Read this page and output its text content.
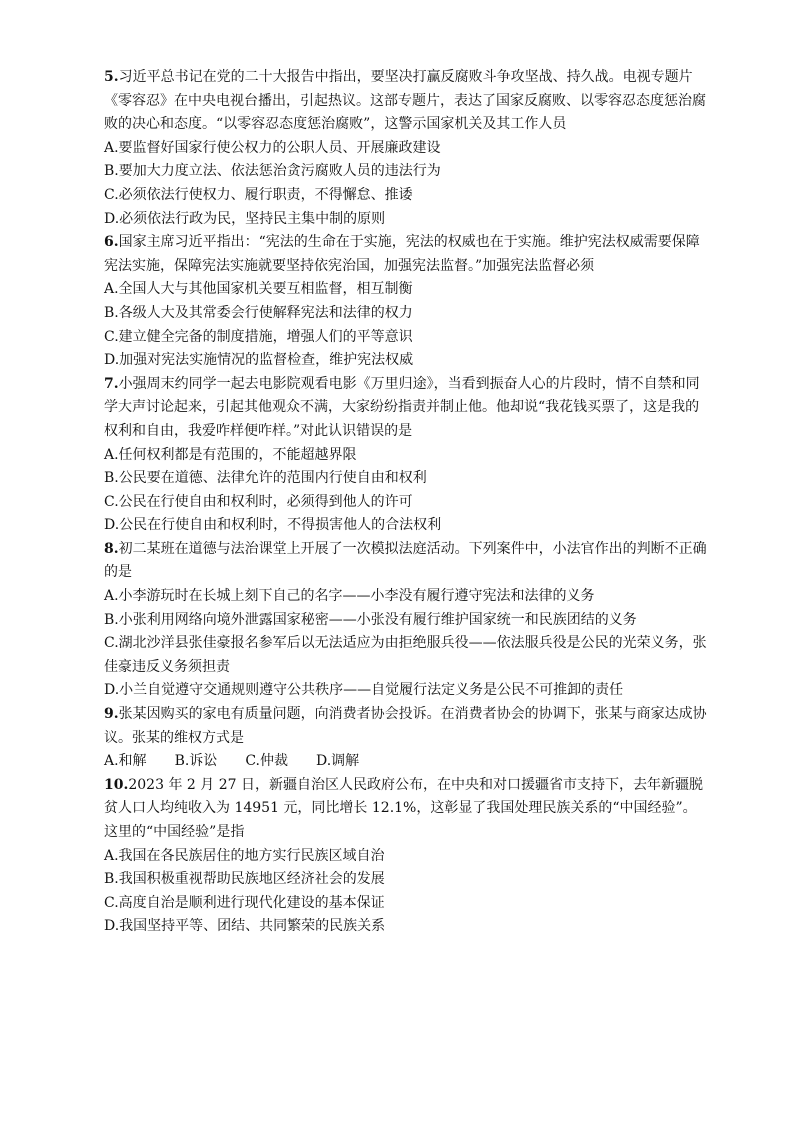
5.习近平总书记在党的二十大报告中指出，要坚决打赢反腐败斗争攻坚战、持久战。电视专题片《零容忍》在中央电视台播出，引起热议。这部专题片，表达了国家反腐败、以零容忍态度惩治腐败的决心和态度。“以零容忍态度惩治腐败”，这警示国家机关及其工作人员

A.要监督好国家行使公权力的公职人员、开展廉政建设

B.要加大力度立法、依法惩治贪污腐败人员的违法行为

C.必须依法行使权力、履行职责，不得懈怠、推诿

D.必须依法行政为民，坚持民主集中制的原则

6.国家主席习近平指出：“宪法的生命在于实施，宪法的权威也在于实施。维护宪法权威需要保障宪法实施，保障宪法实施就要坚持依宪治国，加强宪法监督。”加强宪法监督必须

A.全国人大与其他国家机关要互相监督，相互制衡

B.各级人大及其常委会行使解释宪法和法律的权力

C.建立健全完备的制度措施，增强人们的平等意识

D.加强对宪法实施情况的监督检查，维护宪法权威

7.小强周末约同学一起去电影院观看电影《万里归途》，当看到振奋人心的片段时，情不自禁和同学大声讨论起来，引起其他观众不满，大家纷纷指责并制止他。他却说“我花钱买票了，这是我的权利和自由，我爱咋样便咋样。”对此认识错误的是

A.任何权利都是有范围的，不能超越界限

B.公民要在道德、法律允许的范围内行使自由和权利

C.公民在行使自由和权利时，必须得到他人的许可

D.公民在行使自由和权利时，不得损害他人的合法权利

8.初二某班在道德与法治课堂上开展了一次模拟法庭活动。下列案件中，小法官作出的判断不正确的是

A.小李游玩时在长城上刻下自己的名字——小李没有履行遵守宪法和法律的义务

B.小张利用网络向境外泄露国家秘密——小张没有履行维护国家统一和民族团结的义务

C.湖北沙洋县张佳豪报名参军后以无法适应为由拒绝服兵役——依法服兵役是公民的光荣义务，张佳豪违反义务须担责

D.小兰自觉遵守交通规则遵守公共秩序——自觉履行法定义务是公民不可推卸的责任

9.张某因购买的家电有质量问题，向消费者协会投诉。在消费者协会的协调下，张某与商家达成协议。张某的维权方式是

A.和解 B.诉讼 C.仲裁 D.调解

10.2023 年 2 月 27 日，新疆自治区人民政府公布，在中央和对口援疆省市支持下，去年新疆脱贫人口人均纯收入为 14951 元，同比增长 12.1%，这彰显了我国处理民族关系的“中国经验”。这里的“中国经验”是指

A.我国在各民族居住的地方实行民族区域自治

B.我国积极重视帮助民族地区经济社会的发展

C.高度自治是顺利进行现代化建设的基本保证

D.我国坚持平等、团结、共同繁荣的民族关系
